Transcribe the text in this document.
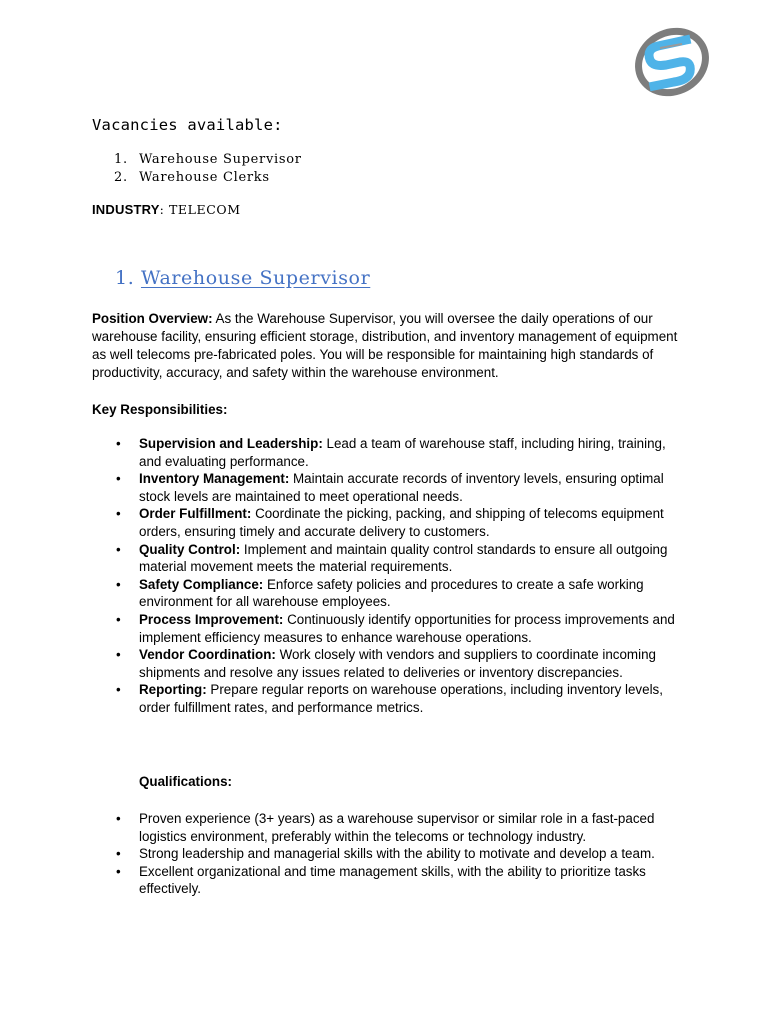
Vacancies available:
1. Warehouse Supervisor
2. Warehouse Clerks
INDUSTRY: TELECOM
1. Warehouse Supervisor

Position Overview: As the Warehouse Supervisor, you will oversee the daily operations of our warehouse facility, ensuring efficient storage, distribution, and inventory management of equipment as well telecoms pre-fabricated poles. You will be responsible for maintaining high standards of productivity, accuracy, and safety within the warehouse environment.

Key Responsibilities:
• Supervision and Leadership: Lead a team of warehouse staff, including hiring, training, and evaluating performance.
• Inventory Management: Maintain accurate records of inventory levels, ensuring optimal stock levels are maintained to meet operational needs.
• Order Fulfillment: Coordinate the picking, packing, and shipping of telecoms equipment orders, ensuring timely and accurate delivery to customers.
• Quality Control: Implement and maintain quality control standards to ensure all outgoing material movement meets the material requirements.
• Safety Compliance: Enforce safety policies and procedures to create a safe working environment for all warehouse employees.
• Process Improvement: Continuously identify opportunities for process improvements and implement efficiency measures to enhance warehouse operations.
• Vendor Coordination: Work closely with vendors and suppliers to coordinate incoming shipments and resolve any issues related to deliveries or inventory discrepancies.
• Reporting: Prepare regular reports on warehouse operations, including inventory levels, order fulfillment rates, and performance metrics.
Qualifications:
• Proven experience (3+ years) as a warehouse supervisor or similar role in a fast-paced logistics environment, preferably within the telecoms or technology industry.
• Strong leadership and managerial skills with the ability to motivate and develop a team.
• Excellent organizational and time management skills, with the ability to prioritize tasks effectively.
